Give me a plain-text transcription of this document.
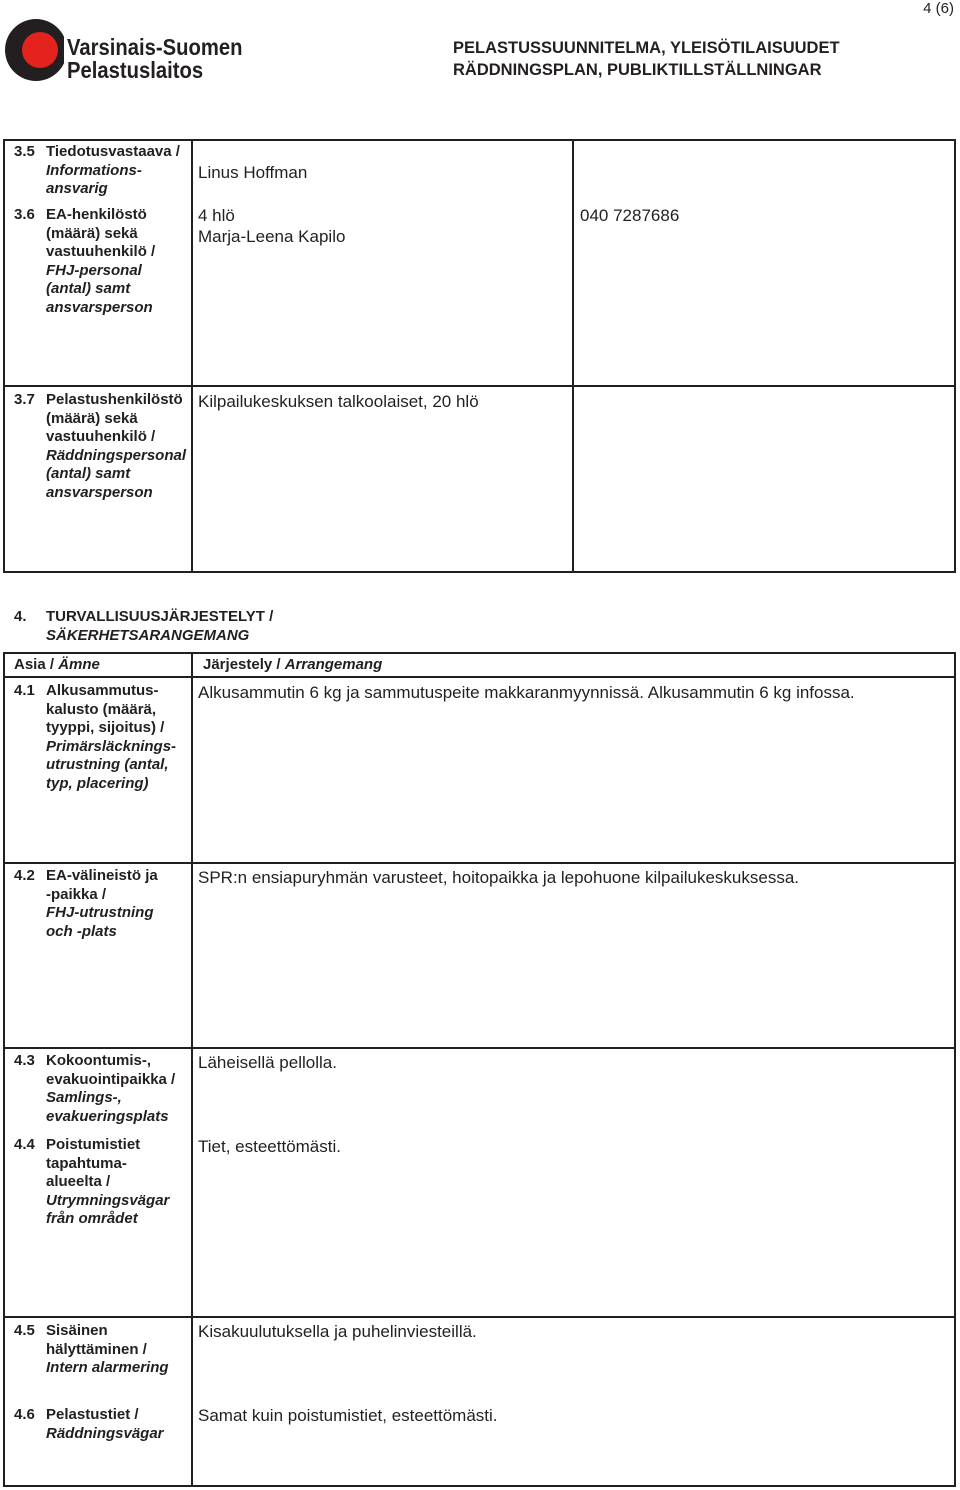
4 (6)
Varsinais-Suomen
Pelastuslaitos
PELASTUSSUUNNITELMA, YLEISÖTILAISUUDET
RÄDDNINGSPLAN, PUBLIKTILLSTÄLLNINGAR
3.5 Tiedotusvastaava /
Informations-
ansvarig
Linus Hoffman
3.6 EA-henkilöstö
(määrä) sekä
vastuuhenkilö /
FHJ-personal
(antal) samt
ansvarsperson
4 hlö
Marja-Leena Kapilo
040 7287686
3.7 Pelastushenkilöstö
(määrä) sekä
vastuuhenkilö /
Räddningspersonal
(antal) samt
ansvarsperson
Kilpailukeskuksen talkoolaiset, 20 hlö
4. TURVALLISUUSJÄRJESTELYT /
SÄKERHETSARANGEMANG
Asia / Ämne	Järjestely / Arrangemang
4.1 Alkusammutus-
kalusto (määrä,
tyyppi, sijoitus) /
Primärsläcknings-
utrustning (antal,
typ, placering)
Alkusammutin 6 kg ja sammutuspeite makkaranmyynnissä. Alkusammutin 6 kg infossa.
4.2 EA-välineistö ja
-paikka /
FHJ-utrustning
och -plats
SPR:n ensiapuryhmän varusteet, hoitopaikka ja lepohuone kilpailukeskuksessa.
4.3 Kokoontumis-,
evakuointipaikka /
Samlings-,
evakueringsplats
Läheisellä pellolla.
4.4 Poistumistiet
tapahtuma-
alueelta /
Utrymningsvägar
från området
Tiet, esteettömästi.
4.5 Sisäinen
hälyttäminen /
Intern alarmering
Kisakuulutuksella ja puhelinviesteillä.
4.6 Pelastustiet /
Räddningsvägar
Samat kuin poistumistiet, esteettömästi.
